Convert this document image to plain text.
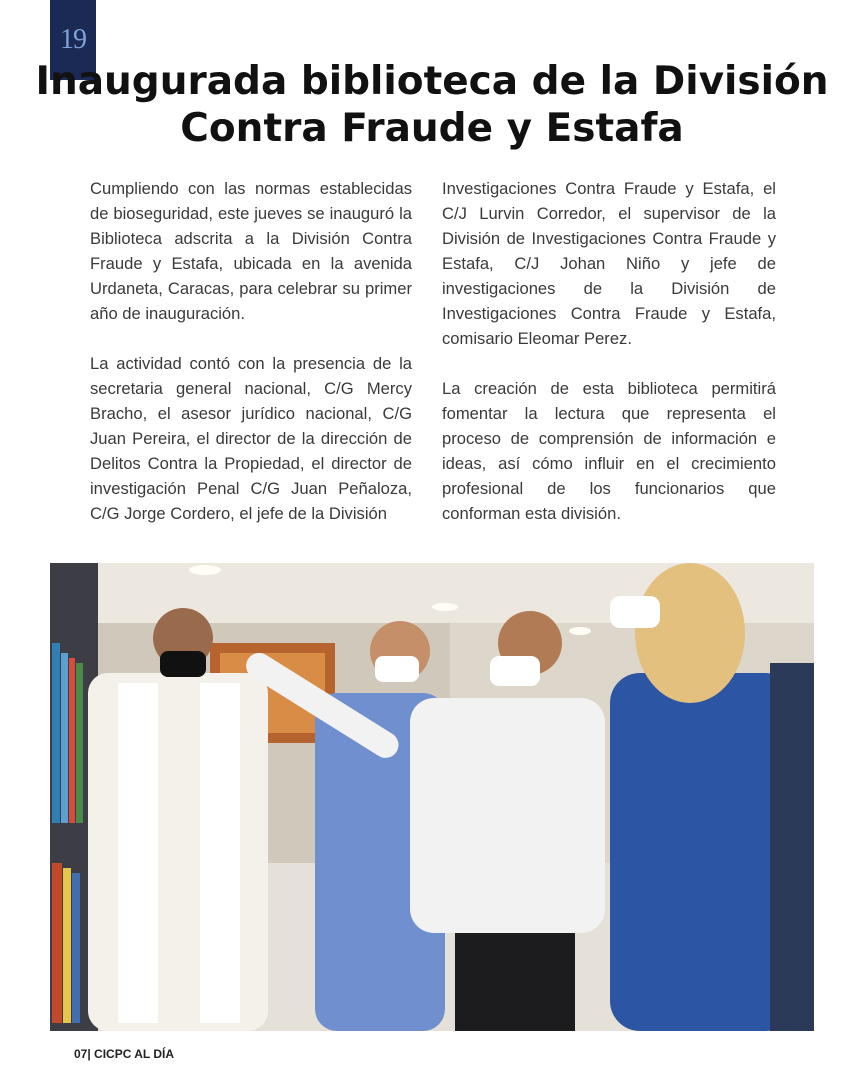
19
Inaugurada biblioteca de la División Contra Fraude y Estafa

Cumpliendo con las normas establecidas de bioseguridad, este jueves se inauguró la Biblioteca adscrita a la División Contra Fraude y Estafa, ubicada en la avenida Urdaneta, Caracas, para celebrar su primer año de inauguración.

La actividad contó con la presencia de la secretaria general nacional, C/G Mercy Bracho, el asesor jurídico nacional, C/G Juan Pereira, el director de la dirección de Delitos Contra la Propiedad, el director de investigación Penal C/G Juan Peñaloza, C/G Jorge Cordero, el jefe de la División

Investigaciones Contra Fraude y Estafa, el C/J Lurvin Corredor, el supervisor de la División de Investigaciones Contra Fraude y Estafa, C/J Johan Niño y jefe de investigaciones de la División de Investigaciones Contra Fraude y Estafa, comisario Eleomar Perez.

La creación de esta biblioteca permitirá fomentar la lectura que representa el proceso de comprensión de información e ideas, así cómo influir en el crecimiento profesional de los funcionarios que conforman esta división.

07| CICPC AL DÍA
